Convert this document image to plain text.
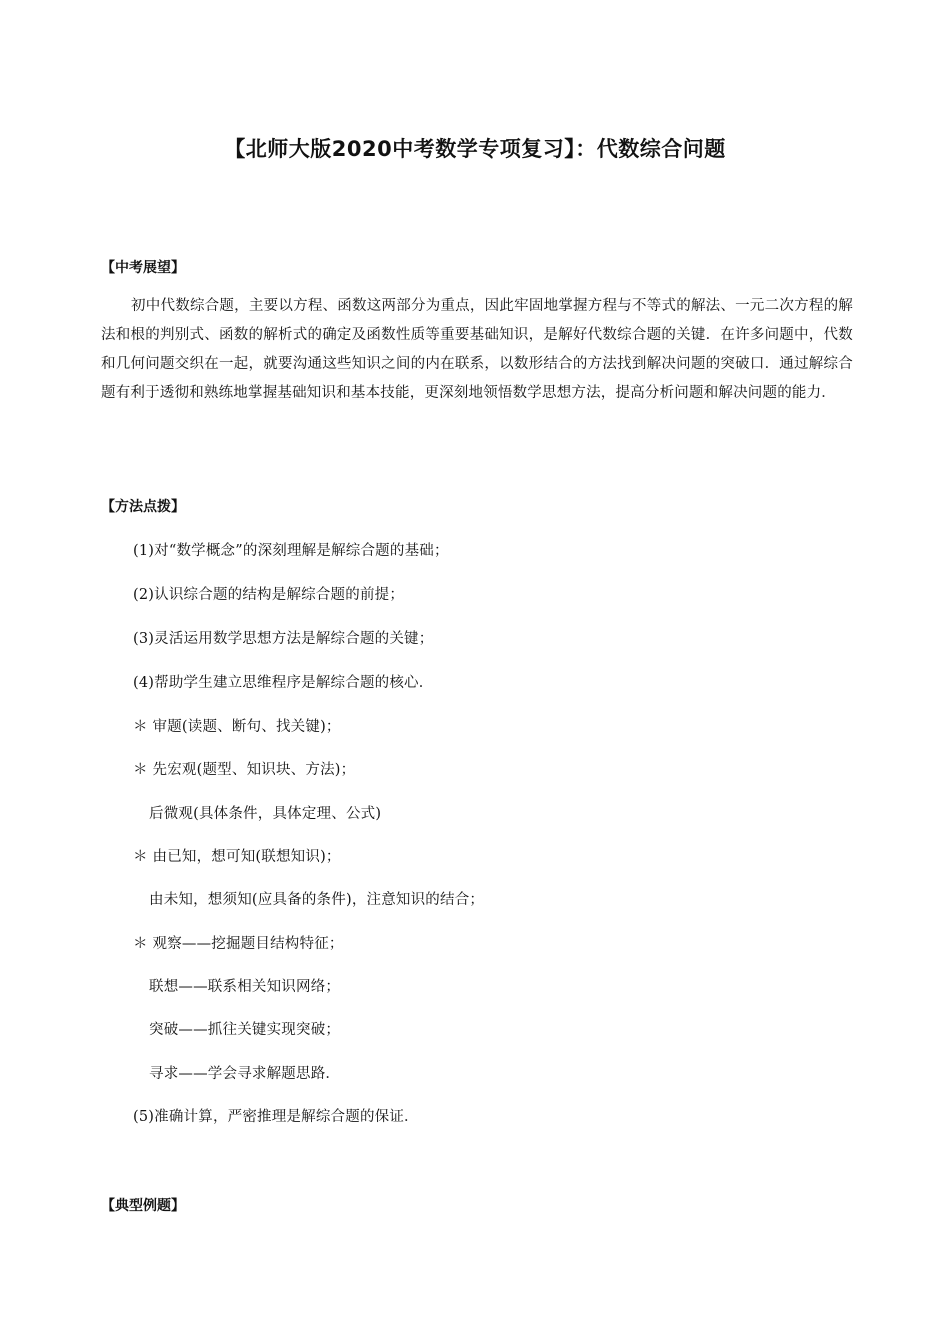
【北师大版2020中考数学专项复习】：代数综合问题
【中考展望】
初中代数综合题，主要以方程、函数这两部分为重点，因此牢固地掌握方程与不等式的解法、一元二次方程的解法和根的判别式、函数的解析式的确定及函数性质等重要基础知识，是解好代数综合题的关键．在许多问题中，代数和几何问题交织在一起，就要沟通这些知识之间的内在联系，以数形结合的方法找到解决问题的突破口．通过解综合题有利于透彻和熟练地掌握基础知识和基本技能，更深刻地领悟数学思想方法，提高分析问题和解决问题的能力．
【方法点拨】
(1)对“数学概念”的深刻理解是解综合题的基础；
(2)认识综合题的结构是解综合题的前提；
(3)灵活运用数学思想方法是解综合题的关键；
(4)帮助学生建立思维程序是解综合题的核心．
＊ 审题(读题、断句、找关键)；
＊ 先宏观(题型、知识块、方法)；
后微观(具体条件，具体定理、公式)
＊ 由已知，想可知(联想知识)；
由未知，想须知(应具备的条件)，注意知识的结合；
＊ 观察——挖掘题目结构特征；
联想——联系相关知识网络；
突破——抓往关键实现突破；
寻求——学会寻求解题思路．
(5)准确计算，严密推理是解综合题的保证．
【典型例题】
